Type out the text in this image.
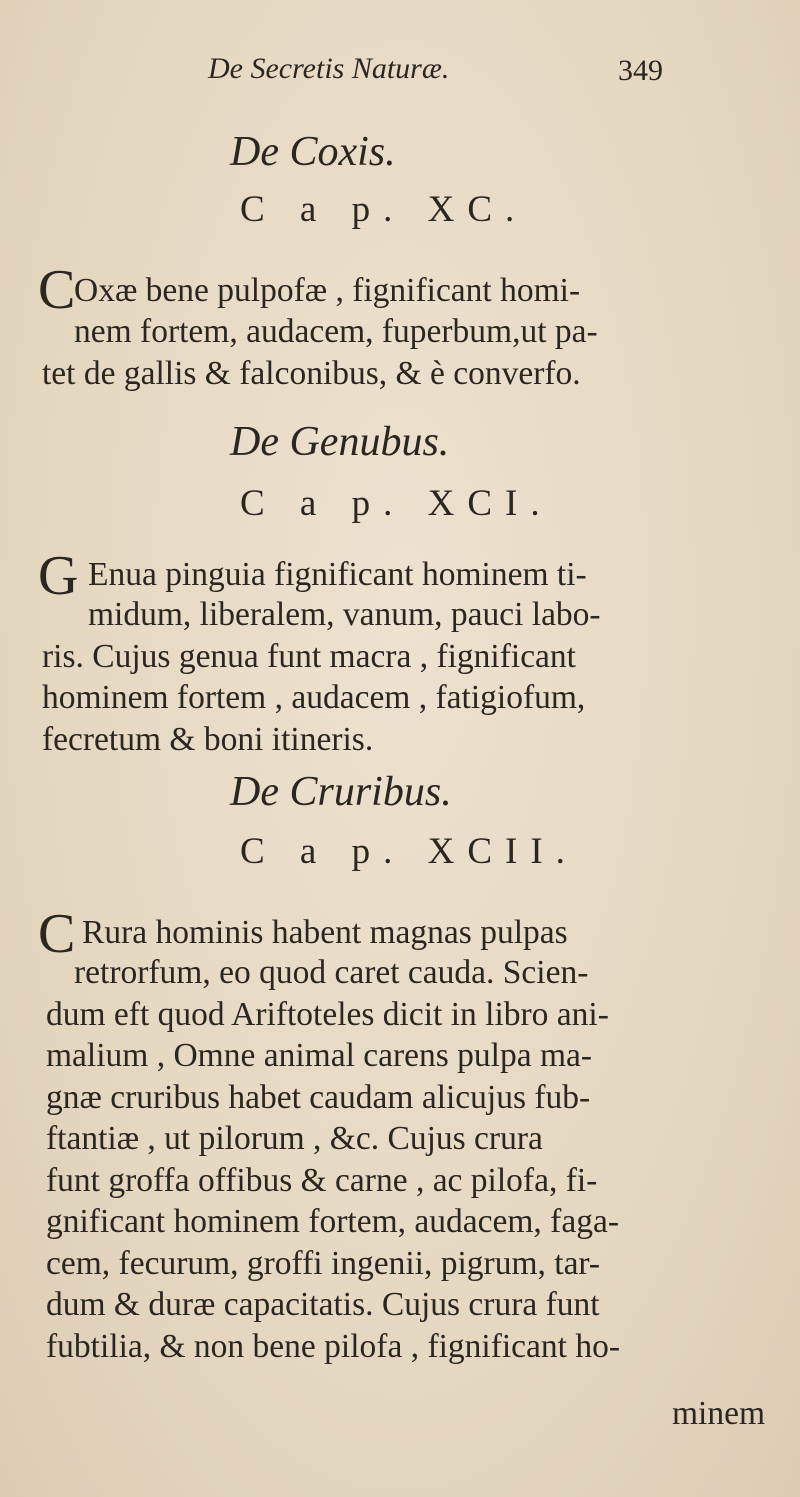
De Secretis Naturæ.	349
De Coxis.
C a p. XC.
C
Oxæ bene pulpofæ , fignificant homi-
nem fortem, audacem, fuperbum,ut pa-
tet de gallis & falconibus, & è converfo.
De Genubus.
C a p. XCI.
G Enua pinguia fignificant hominem ti-
midum, liberalem, vanum, pauci labo-
ris. Cujus genua funt macra , fignificant
hominem fortem , audacem , fatigiofum,
fecretum & boni itineris.
De Cruribus.
C a p. XCII.
C Rura hominis habent magnas pulpas
retrorfum, eo quod caret cauda. Scien-
dum eft quod Ariftoteles dicit in libro ani-
malium , Omne animal carens pulpa ma-
gnæ cruribus habet caudam alicujus fub-
ftantiæ , ut pilorum , &c. Cujus crura
funt groffa offibus & carne , ac pilofa, fi-
gnificant hominem fortem, audacem, faga-
cem, fecurum, groffi ingenii, pigrum, tar-
dum & duræ capacitatis. Cujus crura funt
fubtilia, & non bene pilofa , fignificant ho-
minem
